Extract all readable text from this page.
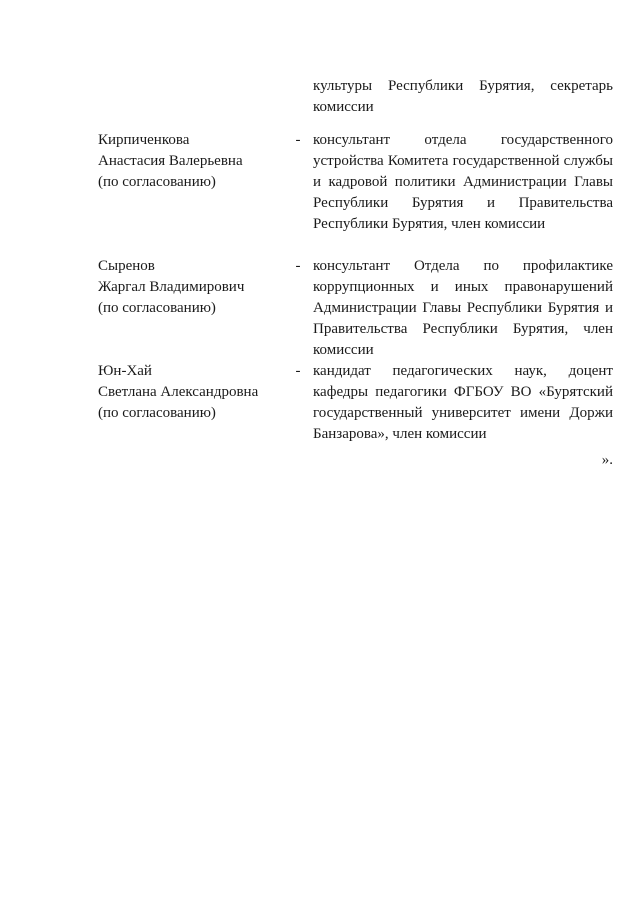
культуры Республики Бурятия, секретарь комиссии
Кирпиченкова
Анастасия Валерьевна
(по согласованию)
- консультант отдела государственного устройства Комитета государственной службы и кадровой политики Администрации Главы Республики Бурятия и Правительства Республики Бурятия, член комиссии
Сыренов
Жаргал Владимирович
(по согласованию)
- консультант Отдела по профилактике коррупционных и иных правонарушений Администрации Главы Республики Бурятия и Правительства Республики Бурятия, член комиссии
Юн-Хай
Светлана Александровна
(по согласованию)
- кандидат педагогических наук, доцент кафедры педагогики ФГБОУ ВО «Бурятский государственный университет имени Доржи Банзарова», член комиссии
».
